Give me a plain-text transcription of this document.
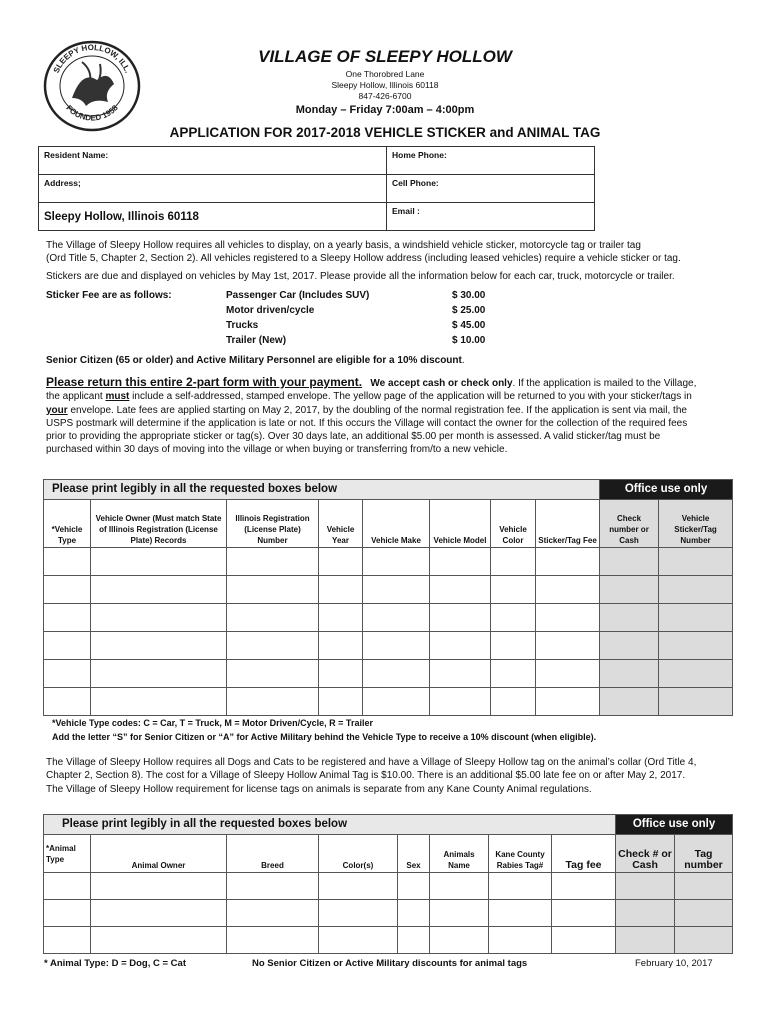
SLEEPY HOLLOW, ILL.
FOUNDED 1958
VILLAGE OF SLEEPY HOLLOW
One Thorobred Lane
Sleepy Hollow, Illinois 60118
847-426-6700
Monday – Friday 7:00am – 4:00pm
APPLICATION FOR 2017-2018 VEHICLE STICKER and ANIMAL TAG
Resident Name:	Home Phone:
Address;	Cell Phone:
Sleepy Hollow, Illinois 60118	Email :
The Village of Sleepy Hollow requires all vehicles to display, on a yearly basis, a windshield vehicle sticker, motorcycle tag or trailer tag
(Ord Title 5, Chapter 2, Section 2). All vehicles registered to a Sleepy Hollow address (including leased vehicles) require a vehicle sticker or tag.
Stickers are due and displayed on vehicles by May 1st, 2017. Please provide all the information below for each car, truck, motorcycle or trailer.
Sticker Fee are as follows:	Passenger Car (Includes SUV)	$ 30.00
Motor driven/cycle	$ 25.00
Trucks	$ 45.00
Trailer (New)	$ 10.00
Senior Citizen (65 or older) and Active Military Personnel are eligible for a 10% discount.
Please return this entire 2-part form with your payment. We accept cash or check only. If the application is mailed to the Village,
the applicant must include a self-addressed, stamped envelope. The yellow page of the application will be returned to you with your sticker/tags in
your envelope. Late fees are applied starting on May 2, 2017, by the doubling of the normal registration fee. If the application is sent via mail, the
USPS postmark will determine if the application is late or not. If this occurs the Village will contact the owner for the collection of the required fees
prior to providing the appropriate sticker or tag(s). Over 30 days late, an additional $5.00 per month is assessed. A valid sticker/tag must be
purchased within 30 days of moving into the village or when buying or transferring from/to a new vehicle.
Please print legibly in all the requested boxes below								Office use only	
*Vehicle Type	Vehicle Owner (Must match State of Illinois Registration (License Plate) Records	Illinois Registration (License Plate) Number	Vehicle Year	Vehicle Make	Vehicle Model	Vehicle Color	Sticker/Tag Fee	Check number or Cash	Vehicle Sticker/Tag Number

*Vehicle Type codes: C = Car, T = Truck, M = Motor Driven/Cycle, R = Trailer
Add the letter “S” for Senior Citizen or “A” for Active Military behind the Vehicle Type to receive a 10% discount (when eligible).
The Village of Sleepy Hollow requires all Dogs and Cats to be registered and have a Village of Sleepy Hollow tag on the animal’s collar (Ord Title 4,
Chapter 2, Section 8). The cost for a Village of Sleepy Hollow Animal Tag is $10.00. There is an additional $5.00 late fee on or after May 2, 2017.
The Village of Sleepy Hollow requirement for license tags on animals is separate from any Kane County Animal regulations.
Please print legibly in all the requested boxes below								Office use only	
*Animal Type	Animal Owner	Breed	Color(s)	Sex	Animals Name	Kane County Rabies Tag#	Tag fee	Check # or Cash	Tag number

* Animal Type: D = Dog, C = Cat	No Senior Citizen or Active Military discounts for animal tags	February 10, 2017
